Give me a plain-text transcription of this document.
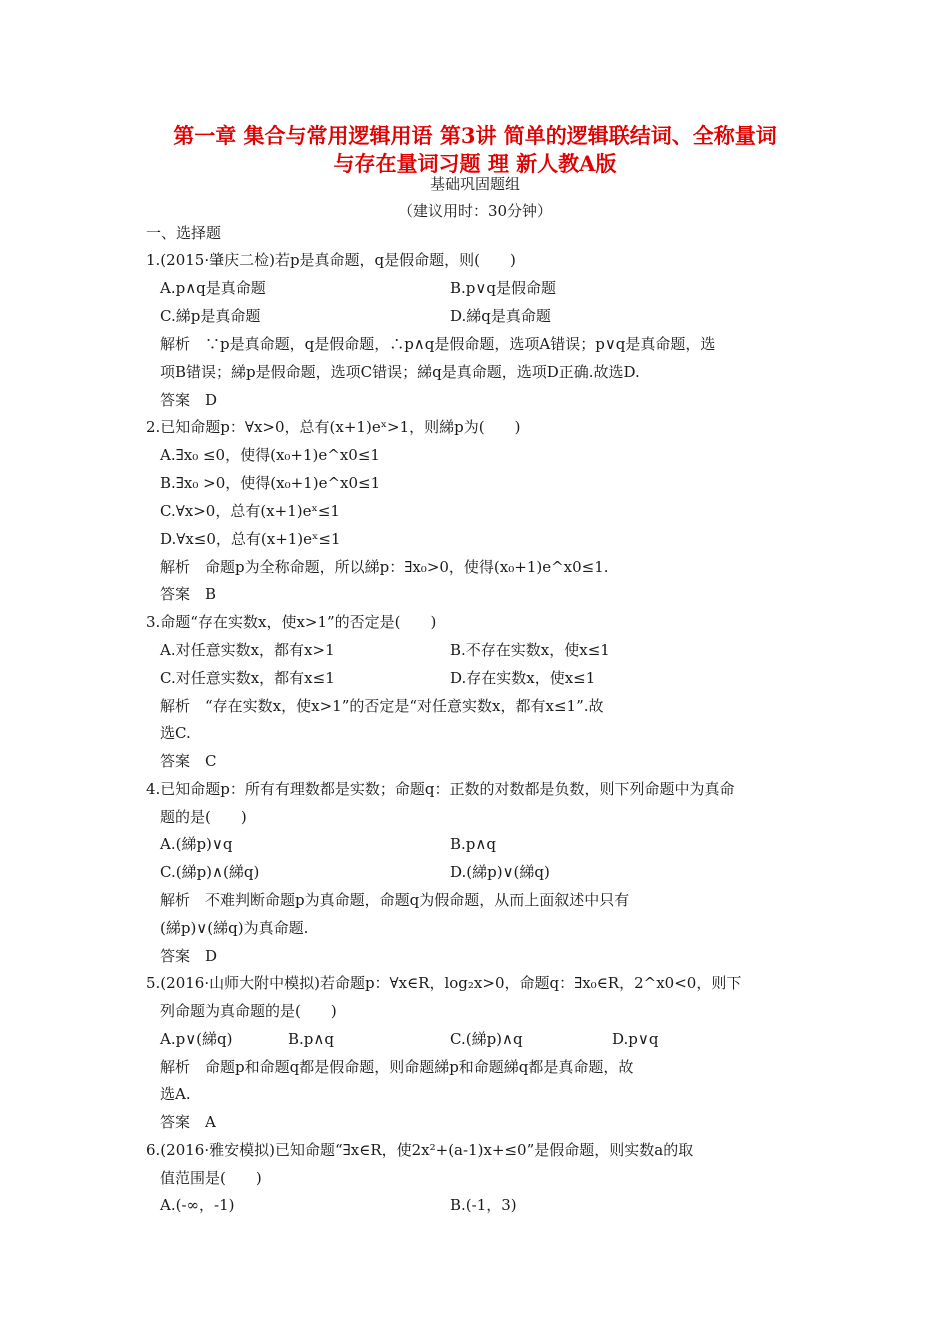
第一章 集合与常用逻辑用语 第3讲 简单的逻辑联结词、全称量词
与存在量词习题 理 新人教A版
基础巩固题组
（建议用时：30分钟）
一、选择题
1.(2015·肇庆二检)若p是真命题，q是假命题，则(　　)
A.p∧q是真命题	B.p∨q是假命题
C.綈p是真命题	D.綈q是真命题
解析　∵p是真命题，q是假命题，∴p∧q是假命题，选项A错误；p∨q是真命题，选
项B错误；綈p是假命题，选项C错误；綈q是真命题，选项D正确.故选D.
答案　D
2.已知命题p：∀x>0，总有(x+1)eˣ>1，则綈p为(　　)
A.∃x₀ ≤0，使得(x₀+1)e^x0≤1
B.∃x₀ >0，使得(x₀+1)e^x0≤1
C.∀x>0，总有(x+1)eˣ≤1
D.∀x≤0，总有(x+1)eˣ≤1
解析　命题p为全称命题，所以綈p：∃x₀>0，使得(x₀+1)e^x0≤1.
答案　B
3.命题“存在实数x，使x>1”的否定是(　　)
A.对任意实数x，都有x>1	B.不存在实数x，使x≤1
C.对任意实数x，都有x≤1	D.存在实数x，使x≤1
解析　“存在实数x，使x>1”的否定是“对任意实数x，都有x≤1”.故
选C.
答案　C
4.已知命题p：所有有理数都是实数；命题q：正数的对数都是负数，则下列命题中为真命
题的是(　　)
A.(綈p)∨q	B.p∧q
C.(綈p)∧(綈q)	D.(綈p)∨(綈q)
解析　不难判断命题p为真命题，命题q为假命题，从而上面叙述中只有
(綈p)∨(綈q)为真命题.
答案　D
5.(2016·山师大附中模拟)若命题p：∀x∈R，log₂x>0，命题q：∃x₀∈R，2^x0<0，则下
列命题为真命题的是(　　)
A.p∨(綈q)	B.p∧q	C.(綈p)∧q	D.p∨q
解析　命题p和命题q都是假命题，则命题綈p和命题綈q都是真命题，故
选A.
答案　A
6.(2016·雅安模拟)已知命题“∃x∈R，使2x²+(a-1)x+≤0”是假命题，则实数a的取
值范围是(　　)
A.(-∞，-1)	B.(-1，3)
